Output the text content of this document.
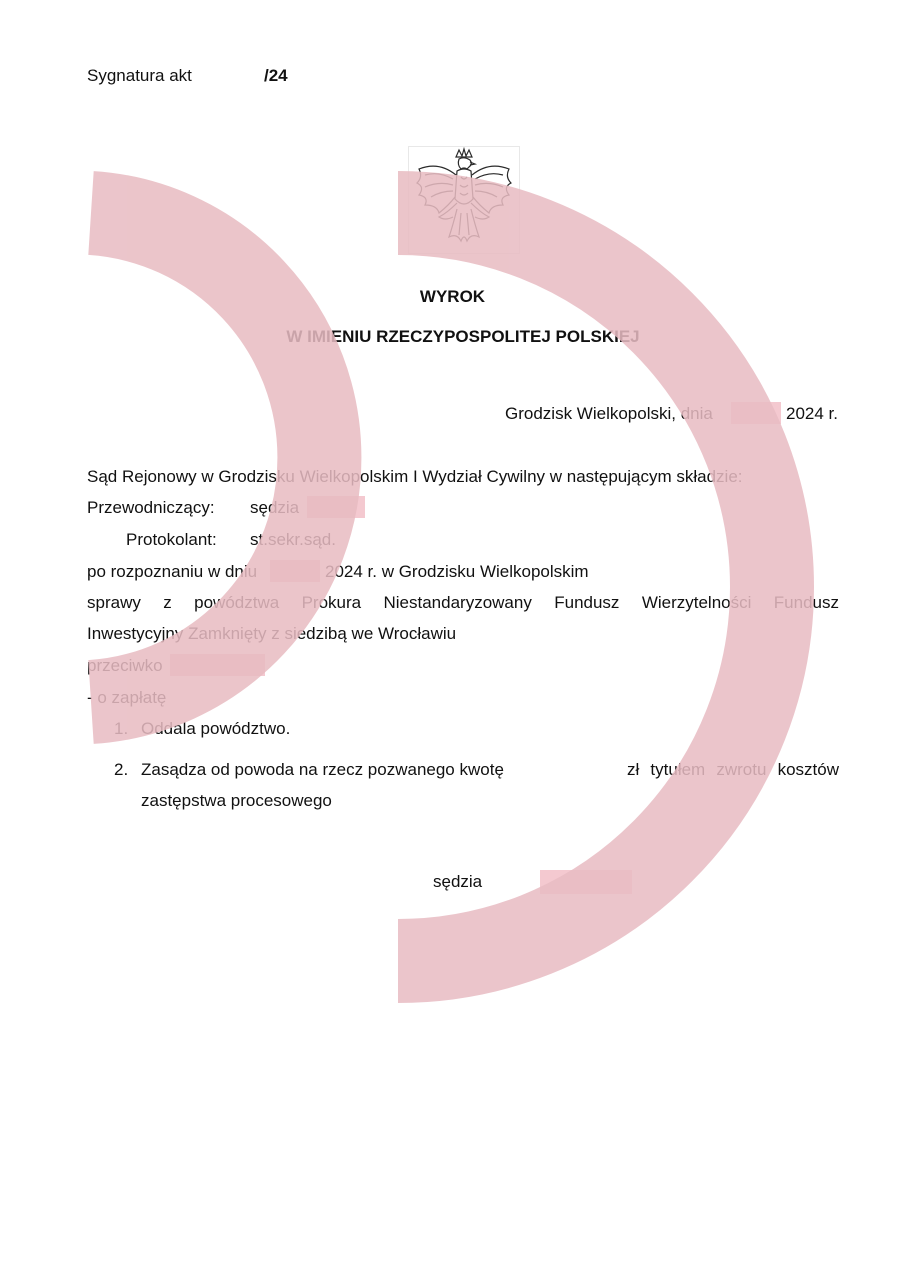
Sygnatura akt	/24
WYROK
W IMIENIU RZECZYPOSPOLITEJ POLSKIEJ
Grodzisk Wielkopolski, dnia	2024 r.
Sąd Rejonowy w Grodzisku Wielkopolskim I Wydział Cywilny w następującym składzie:
Przewodniczący: sędzia
Protokolant: st.sekr.sąd.
po rozpoznaniu w dniu	2024 r. w Grodzisku Wielkopolskim
sprawy z powództwa Prokura Niestandaryzowany Fundusz Wierzytelności Fundusz
Inwestycyjny Zamknięty z siedzibą we Wrocławiu
przeciwko
- o zapłatę
1. Oddala powództwo.
2. Zasądza od powoda na rzecz pozwanego kwotę	zł tytułem zwrotu kosztów
zastępstwa procesowego
sędzia
